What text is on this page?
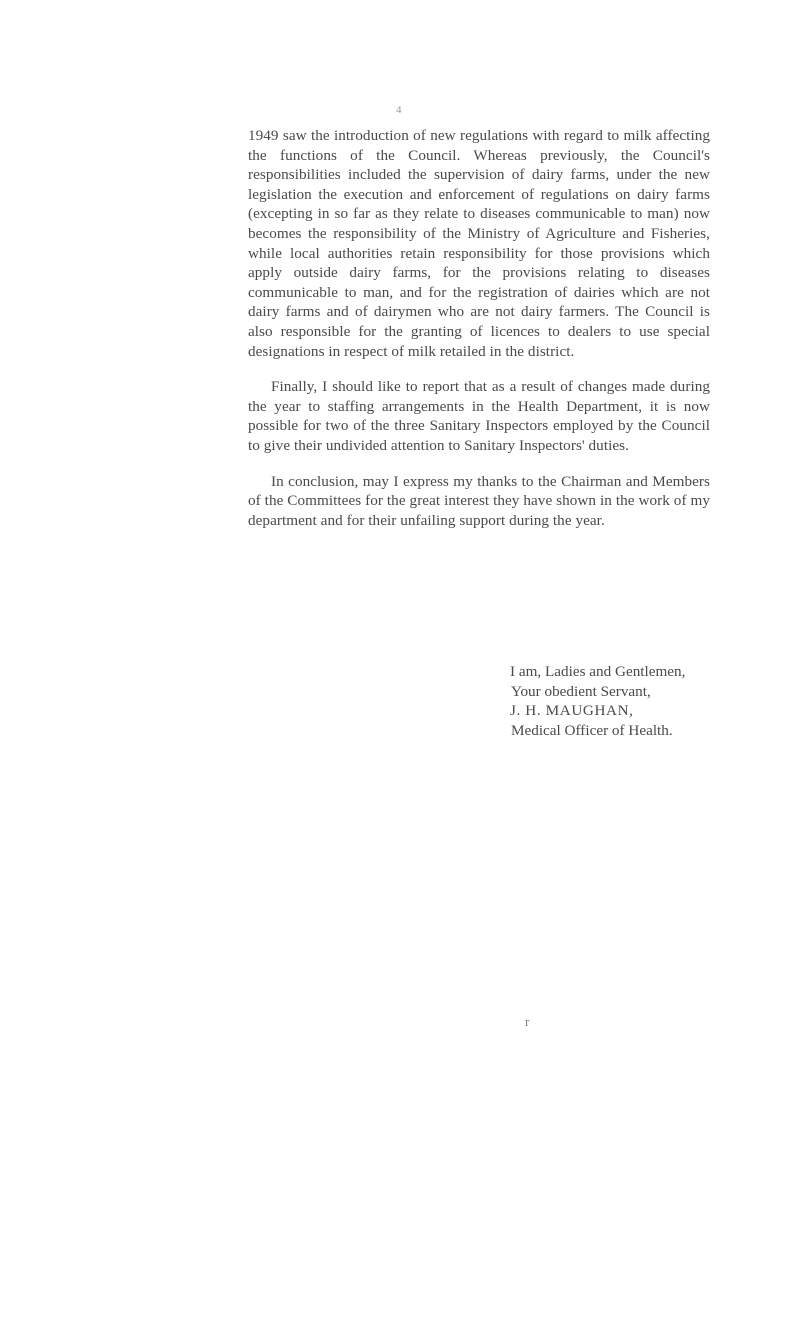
4

1949 saw the introduction of new regulations with regard to milk affecting the functions of the Council. Whereas previously, the Council's responsibilities included the supervision of dairy farms, under the new legislation the execution and enforcement of regulations on dairy farms (excepting in so far as they relate to diseases communicable to man) now becomes the responsibility of the Ministry of Agriculture and Fisheries, while local authorities retain responsibility for those provisions which apply outside dairy farms, for the provisions relating to diseases communicable to man, and for the registration of dairies which are not dairy farms and of dairymen who are not dairy farmers. The Council is also responsible for the granting of licences to dealers to use special designations in respect of milk retailed in the district.

Finally, I should like to report that as a result of changes made during the year to staffing arrangements in the Health Department, it is now possible for two of the three Sanitary Inspectors employed by the Council to give their undivided attention to Sanitary Inspectors' duties.

In conclusion, may I express my thanks to the Chairman and Members of the Committees for the great interest they have shown in the work of my department and for their unfailing support during the year.

I am, Ladies and Gentlemen,
Your obedient Servant,
J. H. MAUGHAN,
Medical Officer of Health.
r
